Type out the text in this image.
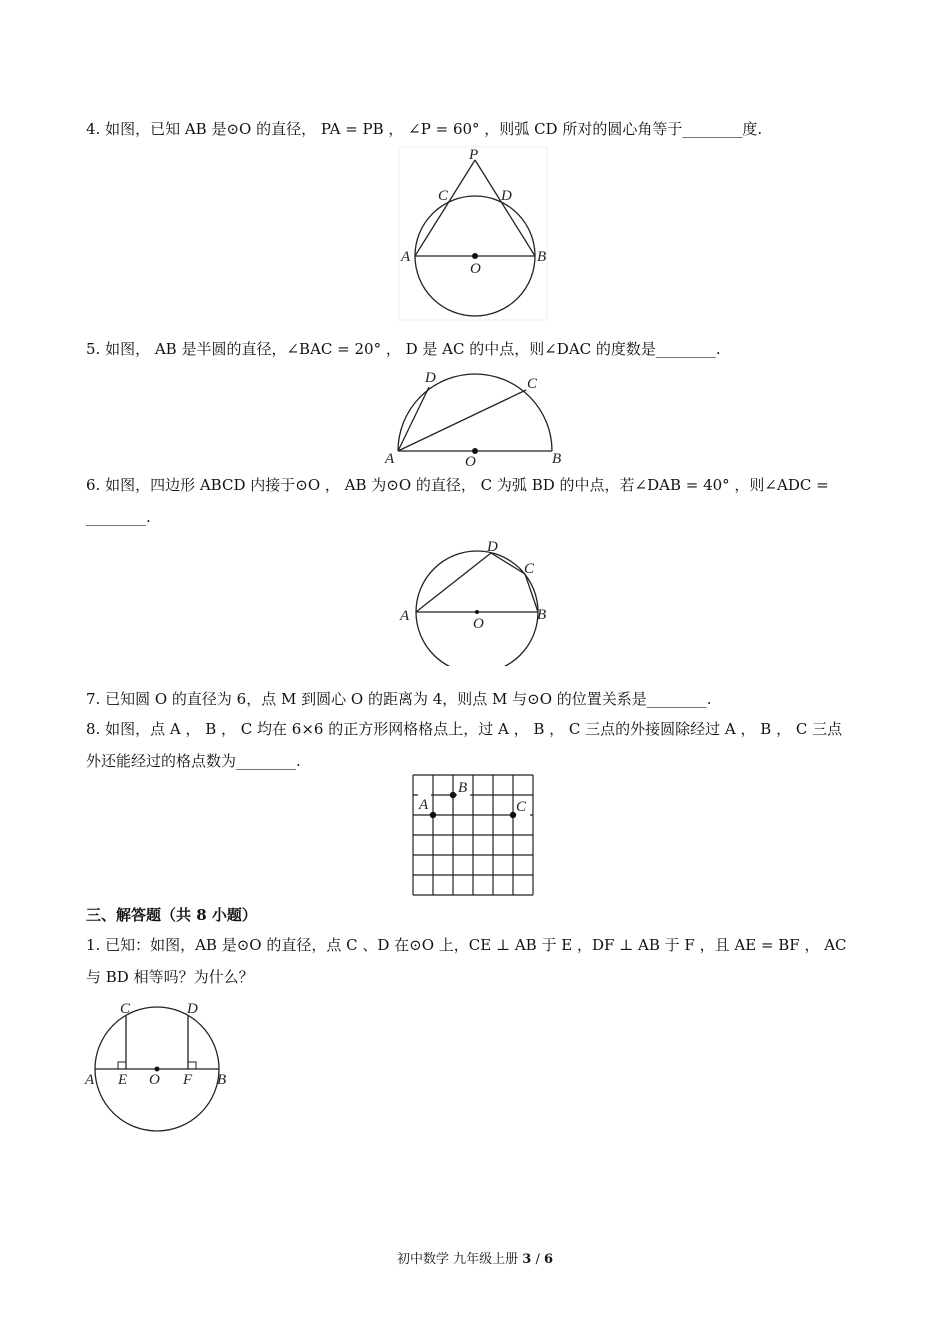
4. 如图，已知 AB 是⊙O 的直径， PA = PB ， ∠P = 60° ，则弧 CD 所对的圆心角等于________度.
P
C	D
A	B
O
5. 如图， AB 是半圆的直径，∠BAC = 20° ， D 是 AC 的中点，则∠DAC 的度数是________.
D	C
A	B
O
6. 如图，四边形 ABCD 内接于⊙O ， AB 为⊙O 的直径， C 为弧 BD 的中点，若∠DAB = 40° ，则∠ADC =
________.
D
C
A	B
O
7. 已知圆 O 的直径为 6，点 M 到圆心 O 的距离为 4，则点 M 与⊙O 的位置关系是________.
8. 如图，点 A ， B ， C 均在 6×6 的正方形网格格点上，过 A ， B ， C 三点的外接圆除经过 A ， B ， C 三点
外还能经过的格点数为________.
A
B
C
三、解答题（共 8 小题）
1. 已知：如图，AB 是⊙O 的直径，点 C 、D 在⊙O 上，CE ⊥ AB 于 E ，DF ⊥ AB 于 F ，且 AE = BF ， AC
与 BD 相等吗？为什么？
C	D
A E O F B
初中数学 九年级上册 3 / 6
